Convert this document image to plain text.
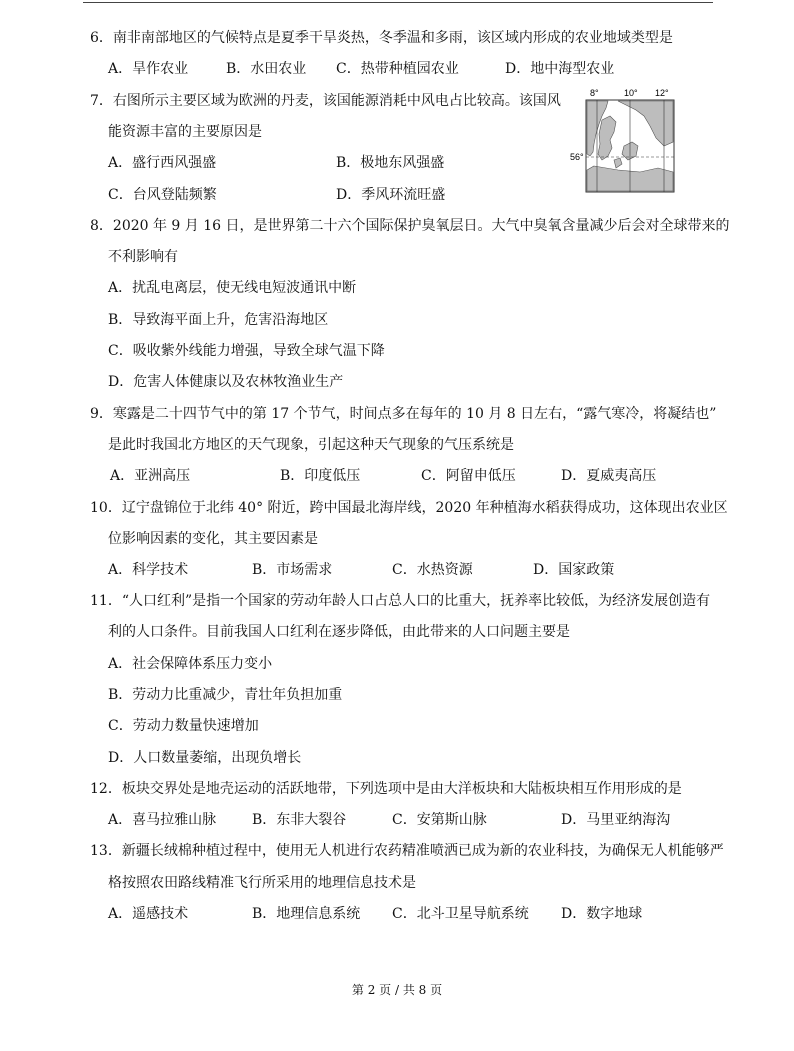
6．南非南部地区的气候特点是夏季干旱炎热，冬季温和多雨，该区域内形成的农业地域类型是
A．旱作农业	B．水田农业 C．热带种植园农业	D．地中海型农业
7．右图所示主要区域为欧洲的丹麦，该国能源消耗中风电占比较高。该国风
能资源丰富的主要原因是
A．盛行西风强盛	B．极地东风强盛
C．台风登陆频繁	D．季风环流旺盛
8°	10° 12°
56°
8．2020 年 9 月 16 日，是世界第二十六个国际保护臭氧层日。大气中臭氧含量减少后会对全球带来的
不利影响有
A．扰乱电离层，使无线电短波通讯中断
B．导致海平面上升，危害沿海地区
C．吸收紫外线能力增强，导致全球气温下降
D．危害人体健康以及农林牧渔业生产
9．寒露是二十四节气中的第 17 个节气，时间点多在每年的 10 月 8 日左右，“露气寒冷，将凝结也”
是此时我国北方地区的天气现象，引起这种天气现象的气压系统是
A．亚洲高压	B．印度低压	C．阿留申低压	D．夏威夷高压
10．辽宁盘锦位于北纬 40° 附近，跨中国最北海岸线，2020 年种植海水稻获得成功，这体现出农业区
位影响因素的变化，其主要因素是
A．科学技术	B．市场需求	C．水热资源	D．国家政策
11．“人口红利”是指一个国家的劳动年龄人口占总人口的比重大，抚养率比较低，为经济发展创造有
利的人口条件。目前我国人口红利在逐步降低，由此带来的人口问题主要是
A．社会保障体系压力变小
B．劳动力比重减少，青壮年负担加重
C．劳动力数量快速增加
D．人口数量萎缩，出现负增长
12．板块交界处是地壳运动的活跃地带，下列选项中是由大洋板块和大陆板块相互作用形成的是
A．喜马拉雅山脉	B．东非大裂谷	C．安第斯山脉	D．马里亚纳海沟
13．新疆长绒棉种植过程中，使用无人机进行农药精准喷洒已成为新的农业科技，为确保无人机能够严
格按照农田路线精准飞行所采用的地理信息技术是
A．遥感技术	B．地理信息系统 C．北斗卫星导航系统 D．数字地球
第 2 页 / 共 8 页
